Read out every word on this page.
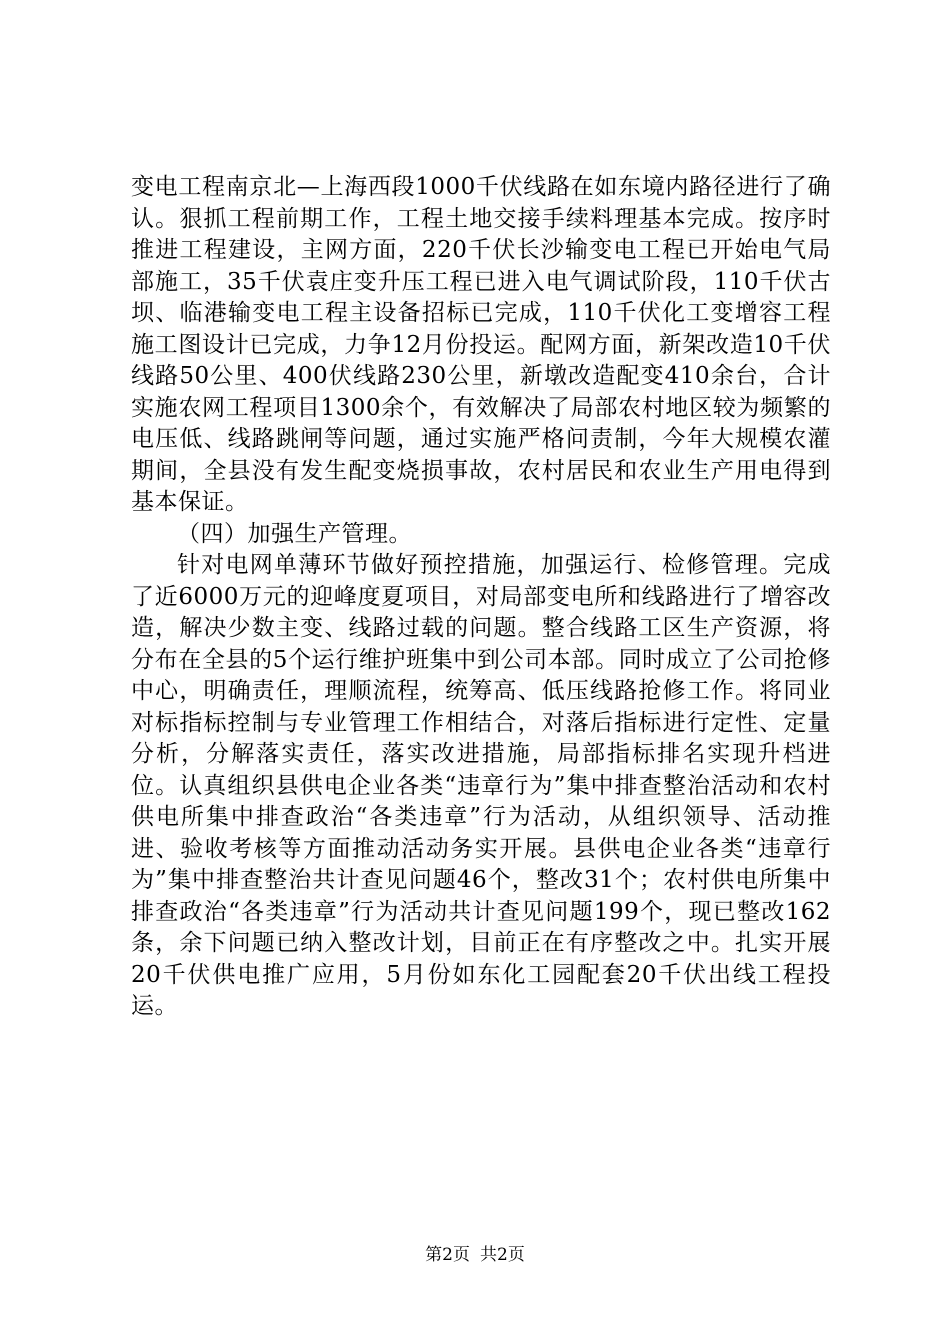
变电工程南京北—上海西段1000千伏线路在如东境内路径进行了确认。狠抓工程前期工作，工程土地交接手续料理基本完成。按序时推进工程建设，主网方面，220千伏长沙输变电工程已开始电气局部施工，35千伏袁庄变升压工程已进入电气调试阶段，110千伏古坝、临港输变电工程主设备招标已完成，110千伏化工变增容工程施工图设计已完成，力争12月份投运。配网方面，新架改造10千伏线路50公里、400伏线路230公里，新墩改造配变410余台，合计实施农网工程项目1300余个，有效解决了局部农村地区较为频繁的电压低、线路跳闸等问题，通过实施严格问责制，今年大规模农灌期间，全县没有发生配变烧损事故，农村居民和农业生产用电得到基本保证。

（四）加强生产管理。

针对电网单薄环节做好预控措施，加强运行、检修管理。完成了近6000万元的迎峰度夏项目，对局部变电所和线路进行了增容改造，解决少数主变、线路过载的问题。整合线路工区生产资源，将分布在全县的5个运行维护班集中到公司本部。同时成立了公司抢修中心，明确责任，理顺流程，统筹高、低压线路抢修工作。将同业对标指标控制与专业管理工作相结合，对落后指标进行定性、定量分析，分解落实责任，落实改进措施，局部指标排名实现升档进位。认真组织县供电企业各类“违章行为”集中排查整治活动和农村供电所集中排查政治“各类违章”行为活动，从组织领导、活动推进、验收考核等方面推动活动务实开展。县供电企业各类“违章行为”集中排查整治共计查见问题46个，整改31个；农村供电所集中排查政治“各类违章”行为活动共计查见问题199个，现已整改162条，余下问题已纳入整改计划，目前正在有序整改之中。扎实开展20千伏供电推广应用，5月份如东化工园配套20千伏出线工程投运。

第2页 共2页
